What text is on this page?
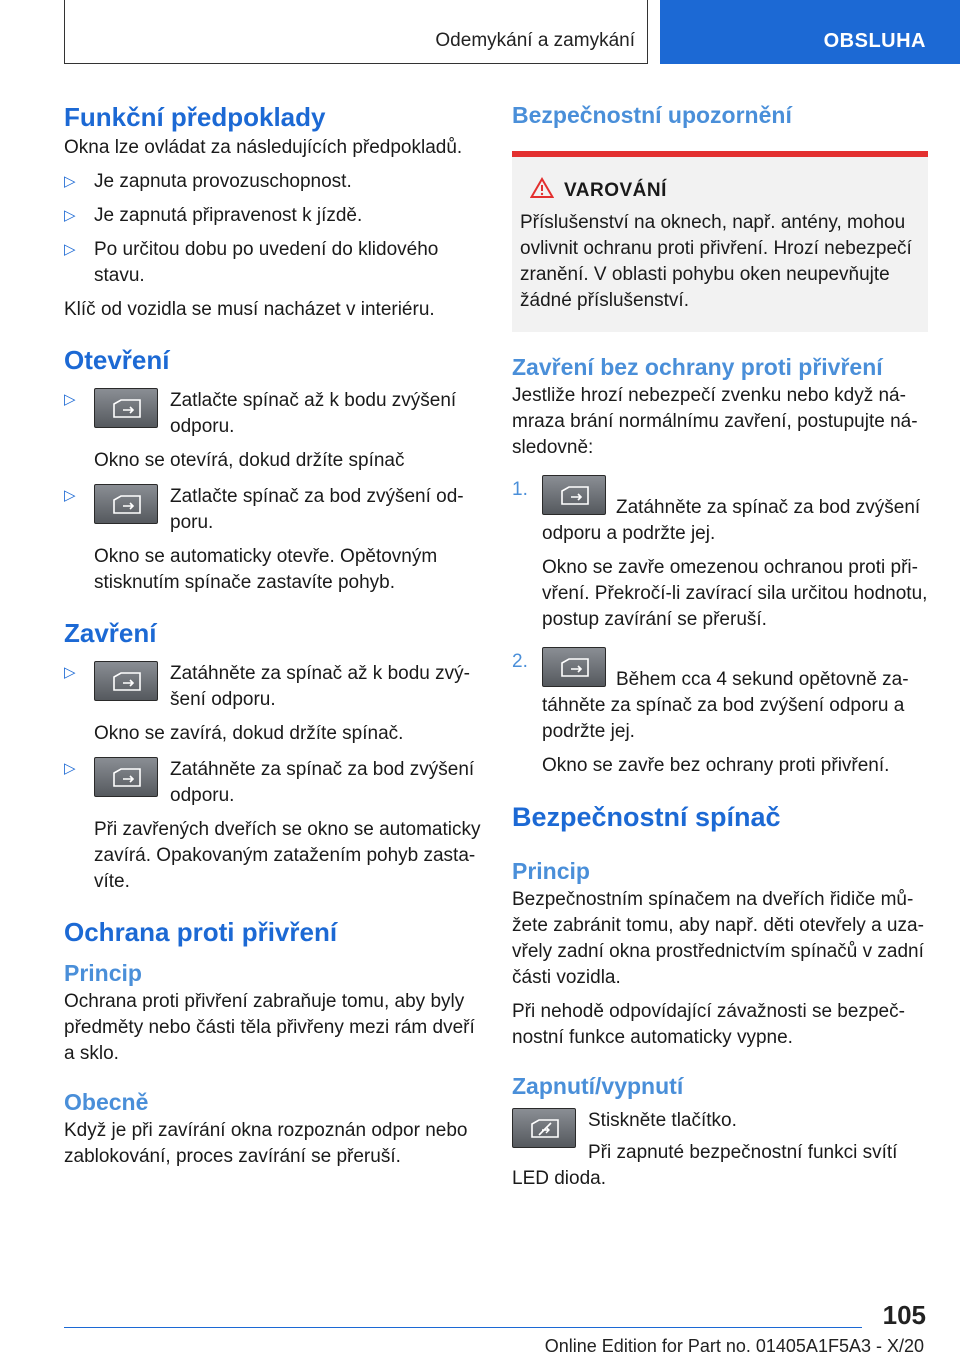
Odemykání a zamykání	OBSLUHA
Funkční předpoklady

Okna lze ovládat za následujících předpokladů.

▷ Je zapnuta provozuschopnost.
▷ Je zapnutá připravenost k jízdě.
▷ Po určitou dobu po uvedení do klidového stavu.

Klíč od vozidla se musí nacházet v interiéru.

Otevření
▷	Zatlačte spínač až k bodu zvýšení odporu.
Okno se otevírá, dokud držíte spínač
▷	Zatlačte spínač za bod zvýšení odporu.
Okno se automaticky otevře. Opětovným stisknutím spínače zastavíte pohyb.
Zavření
▷	Zatáhněte za spínač až k bodu zvýšení odporu.
Okno se zavírá, dokud držíte spínač.
▷	Zatáhněte za spínač za bod zvýšení odporu.
Při zavřených dveřích se okno se automaticky zavírá. Opakovaným zatažením pohyb zastavíte.
Ochrana proti přivření
Princip

Ochrana proti přivření zabraňuje tomu, aby byly předměty nebo části těla přivřeny mezi rám dveří a sklo.

Obecně

Když je při zavírání okna rozpoznán odpor nebo zablokování, proces zavírání se přeruší.

Bezpečnostní upozornění
VAROVÁNÍ

Příslušenství na oknech, např. antény, mohou ovlivnit ochranu proti přivření. Hrozí nebezpečí zranění. V oblasti pohybu oken neupevňujte žádné příslušenství.

Zavření bez ochrany proti přivření

Jestliže hrozí nebezpečí zvenku nebo když námraza brání normálnímu zavření, postupujte následovně:

1.
Zatáhněte za spínač za bod zvýšení odporu a podržte jej.
Okno se zavře omezenou ochranou proti přivření. Překročí-li zavírací sila určitou hodnotu, postup zavírání se přeruší.
2.
Během cca 4 sekund opětovně zatáhněte za spínač za bod zvýšení odporu a podržte jej.
Okno se zavře bez ochrany proti přivření.
Bezpečnostní spínač
Princip

Bezpečnostním spínačem na dveřích řidiče můžete zabránit tomu, aby např. děti otevřely a uzavřely zadní okna prostřednictvím spínačů v zadní části vozidla.

Při nehodě odpovídající závažnosti se bezpečnostní funkce automaticky vypne.

Zapnutí/vypnutí

Stiskněte tlačítko.

Při zapnuté bezpečnostní funkci svítí LED dioda.

105
Online Edition for Part no. 01405A1F5A3 - X/20
